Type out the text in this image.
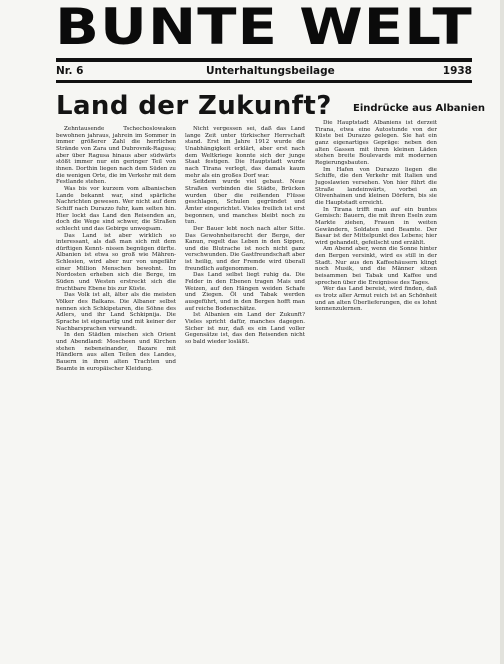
BUNTE WELT
Nr. 6	Unterhaltungsbeilage	1938
Land der Zukunft?	Eindrücke aus Albanien

Zehntausende Tschechoslowaken bewohnen jahraus, jahrein im Sommer in immer größerer Zahl die herrlichen Strände von Zara und Dubrovnik-Ragusa; aber über Ragusa hinaus aber südwärts stößt immer nur ein geringer Teil von ihnen. Dorthin liegen nach dem Süden zu die wenigen Orte, die im Verkehr mit dem Festlande stehen.

Was bis vor kurzem vom albanischen Lande bekannt war, sind spärliche Nachrichten gewesen. Wer nicht auf dem Schiff nach Durazzo fuhr, kam selten hin. Hier lockt das Land den Reisenden an, doch die Wege sind schwer, die Straßen schlecht und das Gebirge unwegsam.

Das Land ist aber wirklich so interessant, als daß man sich mit dem dürftigen Kennt- nissen begnügen dürfte. Albanien ist etwa so groß wie Mähren-Schlesien, wird aber nur von ungefähr einer Million Menschen bewohnt. Im Nordosten erheben sich die Berge, im Süden und Westen erstreckt sich die fruchtbare Ebene bis zur Küste.

Das Volk ist alt, älter als die meisten Völker des Balkans. Die Albaner selbst nennen sich Schkipetaren, die Söhne des Adlers, und ihr Land Schkipnija. Die Sprache ist eigenartig und mit keiner der Nachbarsprachen verwandt.

In den Städten mischen sich Orient und Abendland: Moscheen und Kirchen stehen nebeneinander, Bazare mit Händlern aus allen Teilen des Landes, Bauern in ihren alten Trachten und Beamte in europäischer Kleidung.

Nicht vergessen sei, daß das Land lange Zeit unter türkischer Herrschaft stand. Erst im Jahre 1912 wurde die Unabhängigkeit erklärt, aber erst nach dem Weltkriege konnte sich der junge Staat festigen. Die Hauptstadt wurde nach Tirana verlegt, das damals kaum mehr als ein großes Dorf war.

Seitdem wurde viel gebaut. Neue Straßen verbinden die Städte, Brücken wurden über die reißenden Flüsse geschlagen, Schulen gegründet und Ämter eingerichtet. Vieles freilich ist erst begonnen, und manches bleibt noch zu tun.

Der Bauer lebt noch nach alter Sitte. Das Gewohnheitsrecht der Berge, der Kanun, regelt das Leben in den Sippen, und die Blutrache ist noch nicht ganz verschwunden. Die Gastfreundschaft aber ist heilig, und der Fremde wird überall freundlich aufgenommen.

Das Land selbst liegt ruhig da. Die Felder in den Ebenen tragen Mais und Weizen, auf den Hängen weiden Schafe und Ziegen. Öl und Tabak werden ausgeführt, und in den Bergen hofft man auf reiche Bodenschätze.

Ist Albanien ein Land der Zukunft? Vieles spricht dafür, manches dagegen. Sicher ist nur, daß es ein Land voller Gegensätze ist, das den Reisenden nicht so bald wieder losläßt.

Die Hauptstadt Albaniens ist derzeit Tirana, etwa eine Autostunde von der Küste bei Durazzo gelegen. Sie hat ein ganz eigenartiges Gepräge: neben den alten Gassen mit ihren kleinen Läden stehen breite Boulevards mit modernen Regierungsbauten.

Im Hafen von Durazzo liegen die Schiffe, die den Verkehr mit Italien und Jugoslawien versehen. Von hier führt die Straße landeinwärts, vorbei an Olivenhainen und kleinen Dörfern, bis sie die Hauptstadt erreicht.

In Tirana trifft man auf ein buntes Gemisch: Bauern, die mit ihren Eseln zum Markte ziehen, Frauen in weiten Gewändern, Soldaten und Beamte. Der Basar ist der Mittelpunkt des Lebens; hier wird gehandelt, gefeilscht und erzählt.

Am Abend aber, wenn die Sonne hinter den Bergen versinkt, wird es still in der Stadt. Nur aus den Kaffeehäusern klingt noch Musik, und die Männer sitzen beisammen bei Tabak und Kaffee und sprechen über die Ereignisse des Tages.

Wer das Land bereist, wird finden, daß es trotz aller Armut reich ist an Schönheit und an alten Überlieferungen, die es lohnt kennenzulernen.
